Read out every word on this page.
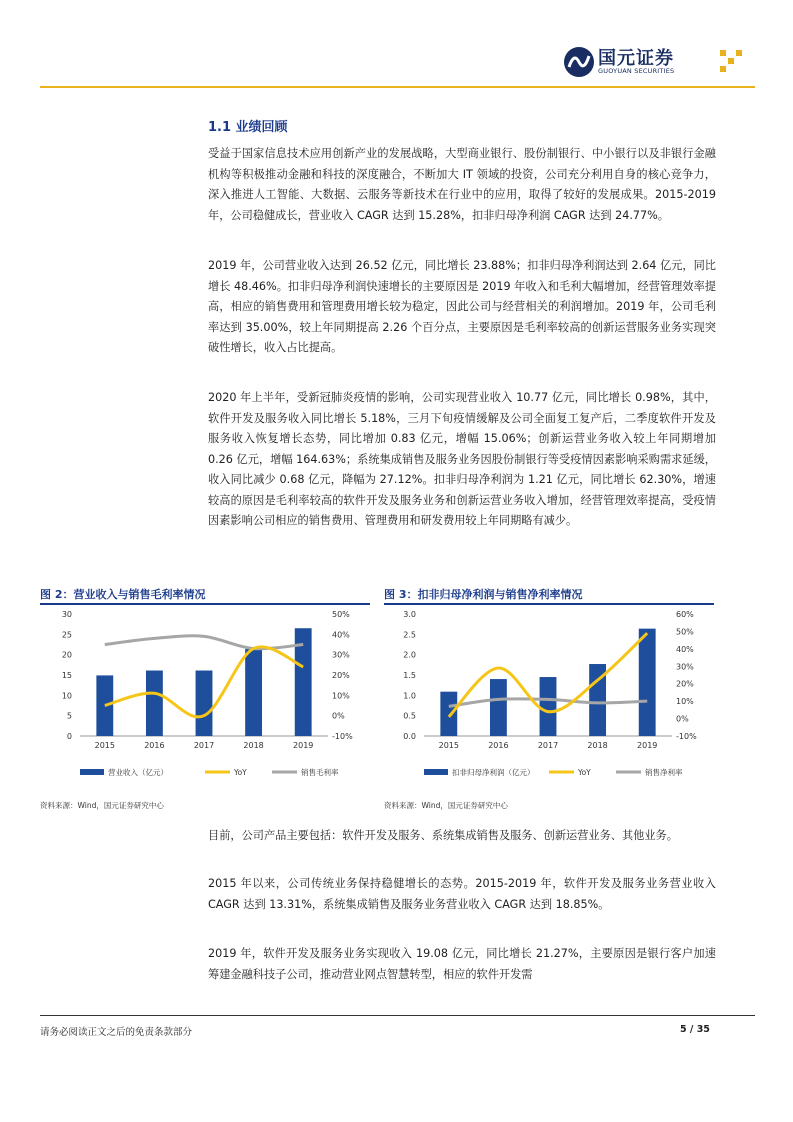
国元证券
GUOYUAN SECURITIES
1.1 业绩回顾
受益于国家信息技术应用创新产业的发展战略，大型商业银行、股份制银行、中小银行以及非银行金融机构等积极推动金融和科技的深度融合，不断加大 IT 领域的投资，公司充分利用自身的核心竞争力，深入推进人工智能、大数据、云服务等新技术在行业中的应用，取得了较好的发展成果。2015-2019 年，公司稳健成长，营业收入 CAGR 达到 15.28%，扣非归母净利润 CAGR 达到 24.77%。
2019 年，公司营业收入达到 26.52 亿元，同比增长 23.88%；扣非归母净利润达到 2.64 亿元，同比增长 48.46%。扣非归母净利润快速增长的主要原因是 2019 年收入和毛利大幅增加，经营管理效率提高，相应的销售费用和管理费用增长较为稳定，因此公司与经营相关的利润增加。2019 年，公司毛利率达到 35.00%，较上年同期提高 2.26 个百分点，主要原因是毛利率较高的创新运营服务业务实现突破性增长，收入占比提高。
2020 年上半年，受新冠肺炎疫情的影响，公司实现营业收入 10.77 亿元，同比增长 0.98%，其中，软件开发及服务收入同比增长 5.18%，三月下旬疫情缓解及公司全面复工复产后，二季度软件开发及服务收入恢复增长态势，同比增加 0.83 亿元，增幅 15.06%；创新运营业务收入较上年同期增加 0.26 亿元，增幅 164.63%；系统集成销售及服务业务因股份制银行等受疫情因素影响采购需求延缓，收入同比减少 0.68 亿元，降幅为 27.12%。扣非归母净利润为 1.21 亿元，同比增长 62.30%，增速较高的原因是毛利率较高的软件开发及服务业务和创新运营业务收入增加，经营管理效率提高，受疫情因素影响公司相应的销售费用、管理费用和研发费用较上年同期略有减少。
图 2：营业收入与销售毛利率情况	图 3：扣非归母净利润与销售净利率情况
0
5
10
15
20
25
30
-10%
0%
10%
20%
30%
40%
50%
2015	2016	2017	2018	2019
营业收入（亿元）	YoY	销售毛利率
0.0
0.5
1.0
1.5
2.0
2.5
3.0
-10%
0%
10%
20%
30%
40%
50%
60%
2015	2016	2017	2018	2019
扣非归母净利润（亿元）	YoY	销售净利率
资料来源：Wind，国元证券研究中心	资料来源：Wind，国元证券研究中心
目前，公司产品主要包括：软件开发及服务、系统集成销售及服务、创新运营业务、其他业务。
2015 年以来，公司传统业务保持稳健增长的态势。2015-2019 年，软件开发及服务业务营业收入 CAGR 达到 13.31%，系统集成销售及服务业务营业收入 CAGR 达到 18.85%。
2019 年，软件开发及服务业务实现收入 19.08 亿元，同比增长 21.27%，主要原因是银行客户加速筹建金融科技子公司，推动营业网点智慧转型，相应的软件开发需
请务必阅读正文之后的免责条款部分	5 / 35
